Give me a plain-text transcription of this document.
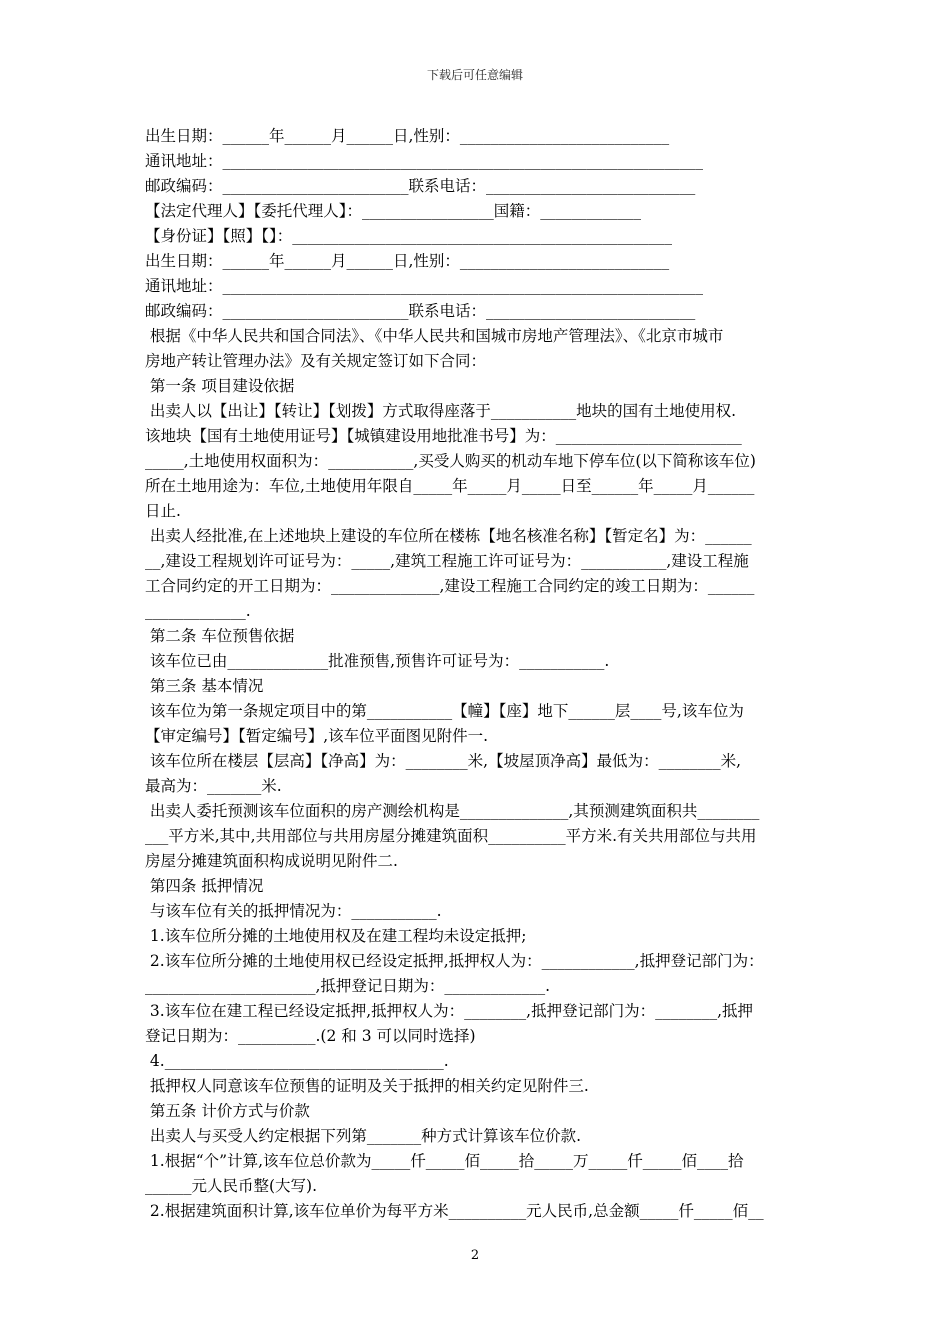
下载后可任意编辑
出生日期：______年______月______日,性别：___________________________
通讯地址：______________________________________________________________
邮政编码：________________________联系电话：___________________________
【法定代理人】【委托代理人】：_________________国籍：_____________
【身份证】【照】【】：_________________________________________________
出生日期：______年______月______日,性别：___________________________
通讯地址：______________________________________________________________
邮政编码：________________________联系电话：___________________________
根据《中华人民共和国合同法》、《中华人民共和国城市房地产管理法》、《北京市城市
房地产转让管理办法》及有关规定签订如下合同：
第一条 项目建设依据
出卖人以【出让】【转让】【划拨】方式取得座落于___________地块的国有土地使用权.
该地块【国有土地使用证号】【城镇建设用地批准书号】为：________________________
_____,土地使用权面积为：___________,买受人购买的机动车地下停车位(以下简称该车位)
所在土地用途为：车位,土地使用年限自_____年_____月_____日至______年_____月______
日止.
出卖人经批准,在上述地块上建设的车位所在楼栋【地名核准名称】【暂定名】为：______
__,建设工程规划许可证号为：_____,建筑工程施工许可证号为：___________,建设工程施
工合同约定的开工日期为：______________,建设工程施工合同约定的竣工日期为：______
_____________.
第二条 车位预售依据
该车位已由_____________批准预售,预售许可证号为：___________.
第三条 基本情况
该车位为第一条规定项目中的第___________【幢】【座】地下______层____号,该车位为
【审定编号】【暂定编号】,该车位平面图见附件一.
该车位所在楼层【层高】【净高】为：________米,【坡屋顶净高】最低为：________米,
最高为：_______米.
出卖人委托预测该车位面积的房产测绘机构是______________,其预测建筑面积共________
___平方米,其中,共用部位与共用房屋分摊建筑面积__________平方米.有关共用部位与共用
房屋分摊建筑面积构成说明见附件二.
第四条 抵押情况
与该车位有关的抵押情况为：___________.
1.该车位所分摊的土地使用权及在建工程均未设定抵押;
2.该车位所分摊的土地使用权已经设定抵押,抵押权人为：____________,抵押登记部门为：
______________________,抵押登记日期为：_____________.
3.该车位在建工程已经设定抵押,抵押权人为：________,抵押登记部门为：________,抵押
登记日期为：__________.(2 和 3 可以同时选择)
4.____________________________________.
抵押权人同意该车位预售的证明及关于抵押的相关约定见附件三.
第五条 计价方式与价款
出卖人与买受人约定根据下列第_______种方式计算该车位价款.
1.根据“个”计算,该车位总价款为_____仟_____佰_____拾_____万_____仟_____佰____拾
______元人民币整(大写).
2.根据建筑面积计算,该车位单价为每平方米__________元人民币,总金额_____仟_____佰__
2
